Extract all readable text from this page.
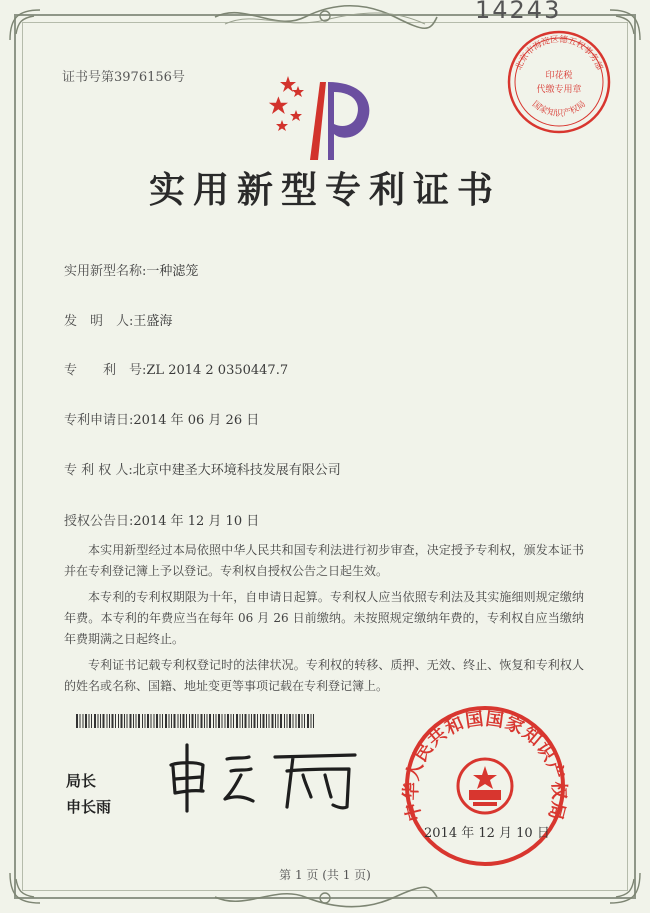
14243
证书号第3976156号
北京市海淀区德五权事务部
印花税
代缴专用章
国家知识产权局
实用新型专利证书
实用新型名称:一种滤笼
发　明　人:王盛海
专　　利　号:ZL 2014 2 0350447.7
专利申请日:2014 年 06 月 26 日
专 利 权 人:北京中建圣大环境科技发展有限公司
授权公告日:2014 年 12 月 10 日

本实用新型经过本局依照中华人民共和国专利法进行初步审查，决定授予专利权，颁发本证书并在专利登记簿上予以登记。专利权自授权公告之日起生效。

本专利的专利权期限为十年，自申请日起算。专利权人应当依照专利法及其实施细则规定缴纳年费。本专利的年费应当在每年 06 月 26 日前缴纳。未按照规定缴纳年费的，专利权自应当缴纳年费期满之日起终止。

专利证书记载专利权登记时的法律状况。专利权的转移、质押、无效、终止、恢复和专利权人的姓名或名称、国籍、地址变更等事项记载在专利登记簿上。

局长
申长雨	中华人民共和国国家知识产权局
2014 年 12 月 10 日
第 1 页 (共 1 页)
